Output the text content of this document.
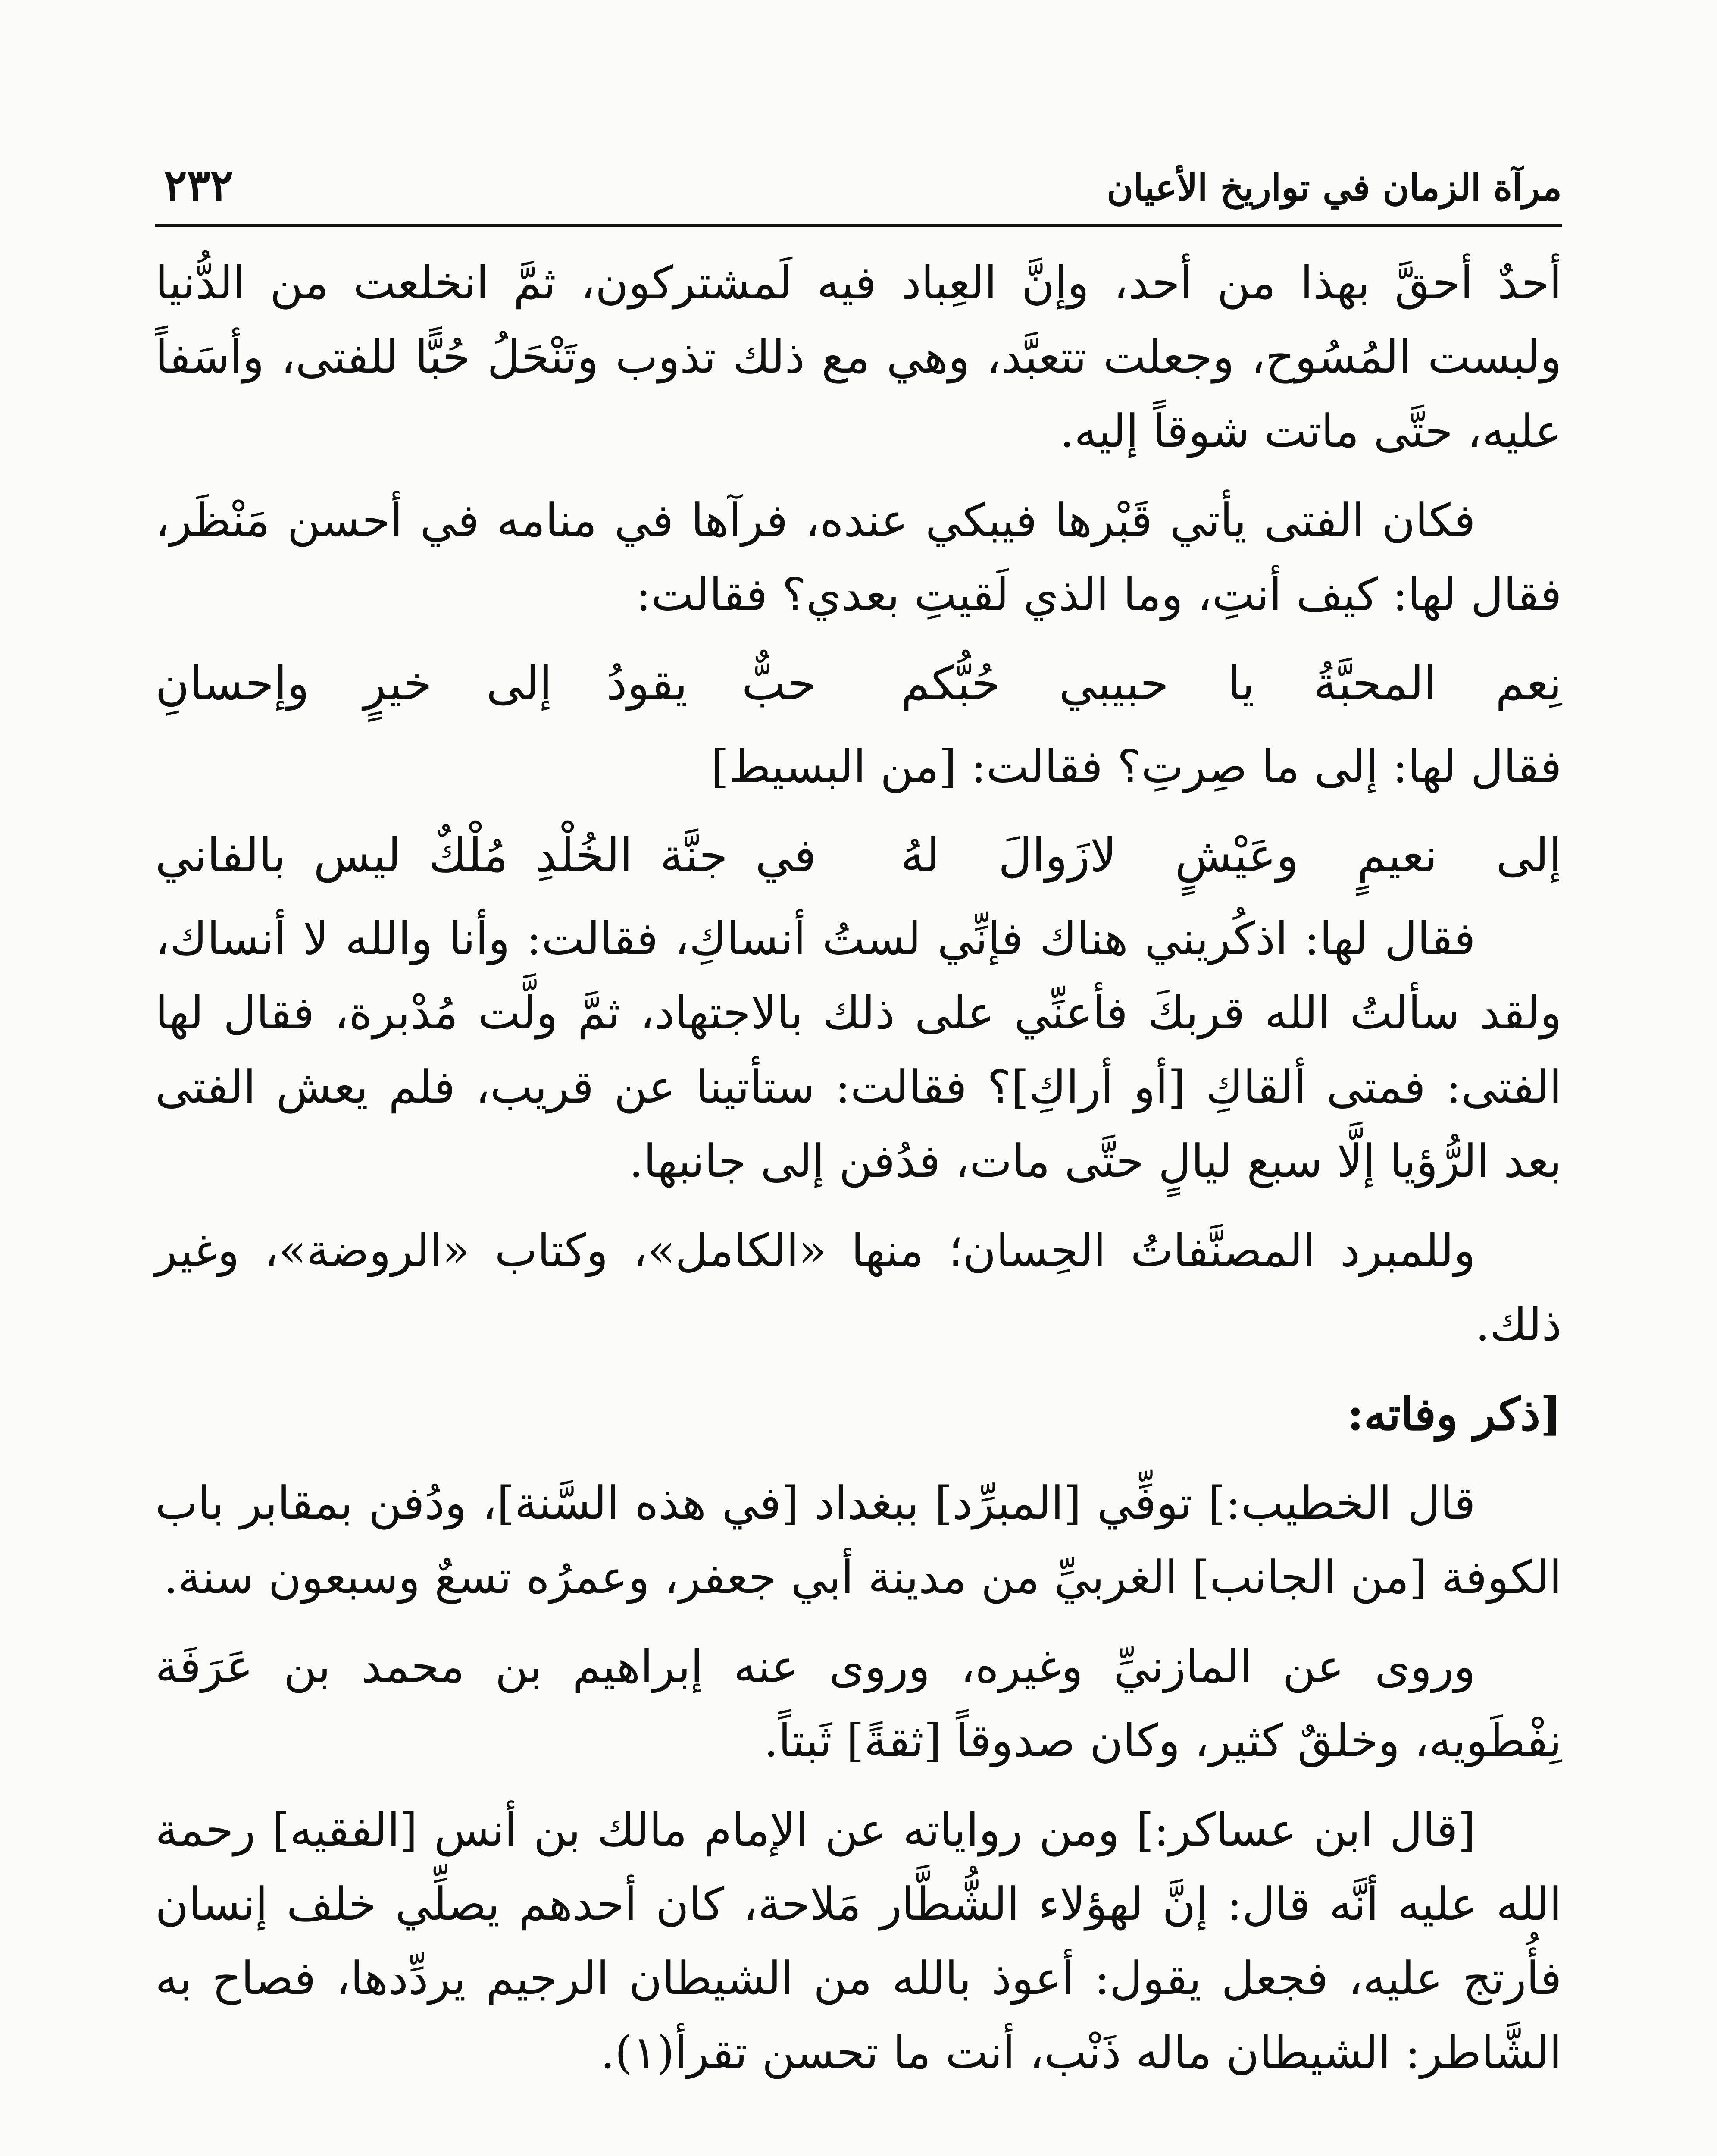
مرآة الزمان في تواريخ الأعيان
٢٣٢

أحدٌ أحقَّ بهذا من أحد، وإنَّ العِباد فيه لَمشتركون، ثمَّ انخلعت من الدُّنيا ولبست المُسُوح، وجعلت تتعبَّد، وهي مع ذلك تذوب وتَنْحَلُ حُبًّا للفتى، وأسَفاً عليه، حتَّى ماتت شوقاً إليه.

فكان الفتى يأتي قَبْرها فيبكي عنده، فرآها في منامه في أحسن مَنْظَر، فقال لها: كيف أنتِ، وما الذي لَقيتِ بعدي؟ فقالت:

نِعم المحبَّةُ يا حبيبي حُبُّكم
حبٌّ يقودُ إلى خيرٍ وإحسانِ

فقال لها: إلى ما صِرتِ؟ فقالت: [من البسيط]

إلى نعيمٍ وعَيْشٍ لازَوالَ لهُ
في جنَّة الخُلْدِ مُلْكٌ ليس بالفاني

فقال لها: اذكُريني هناك فإنِّي لستُ أنساكِ، فقالت: وأنا والله لا أنساك، ولقد سألتُ الله قربكَ فأعنِّي على ذلك بالاجتهاد، ثمَّ ولَّت مُدْبرة، فقال لها الفتى: فمتى ألقاكِ [أو أراكِ]؟ فقالت: ستأتينا عن قريب، فلم يعش الفتى بعد الرُّؤيا إلَّا سبع ليالٍ حتَّى مات، فدُفن إلى جانبها.

وللمبرد المصنَّفاتُ الحِسان؛ منها «الكامل»، وكتاب «الروضة»، وغير ذلك.

[ذكر وفاته:

قال الخطيب:] توفِّي [المبرِّد] ببغداد [في هذه السَّنة]، ودُفن بمقابر باب الكوفة [من الجانب] الغربيِّ من مدينة أبي جعفر، وعمرُه تسعٌ وسبعون سنة.

وروى عن المازنيِّ وغيره، وروى عنه إبراهيم بن محمد بن عَرَفَة نِفْطَويه، وخلقٌ كثير، وكان صدوقاً [ثقةً] ثَبتاً.

[قال ابن عساكر:] ومن رواياته عن الإمام مالك بن أنس [الفقيه] رحمة الله عليه أنَّه قال: إنَّ لهؤلاء الشُّطَّار مَلاحة، كان أحدهم يصلِّي خلف إنسان فأُرتج عليه، فجعل يقول: أعوذ بالله من الشيطان الرجيم يردِّدها، فصاح به الشَّاطر: الشيطان ماله ذَنْب، أنت ما تحسن تقرأ(١).
